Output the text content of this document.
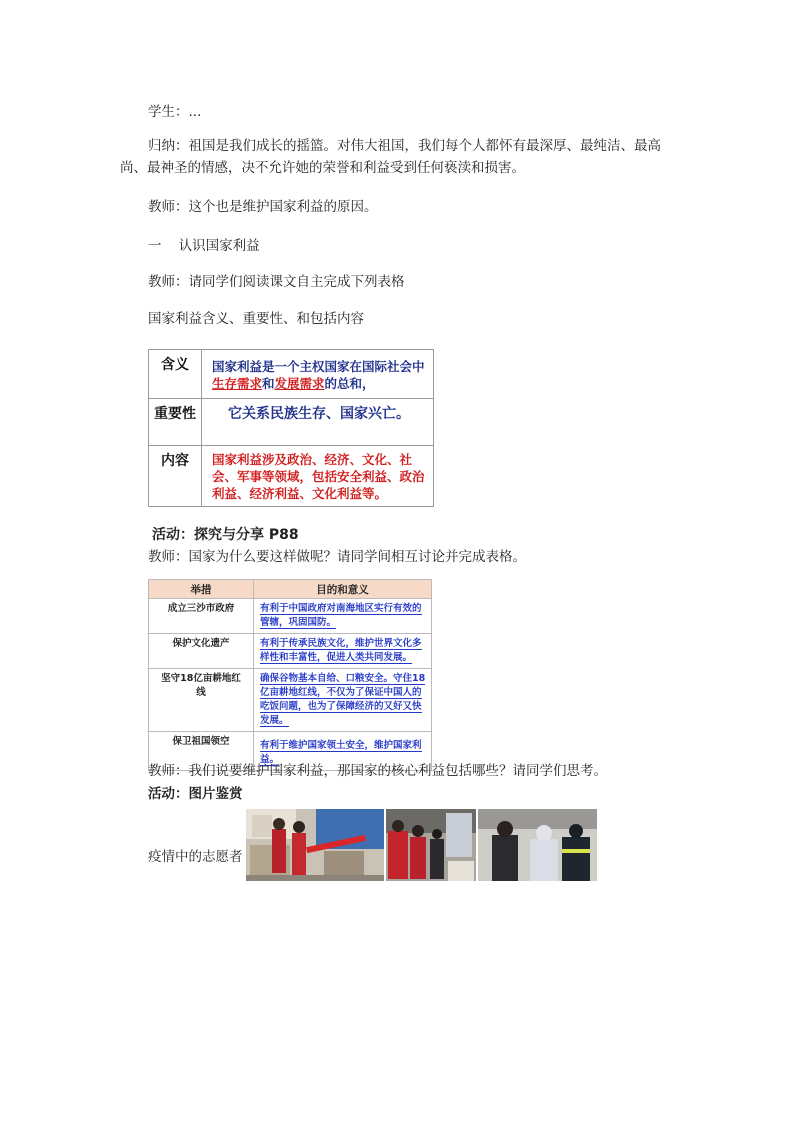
学生：...

归纳：祖国是我们成长的摇篮。对伟大祖国，我们每个人都怀有最深厚、最纯洁、最高尚、最神圣的情感，决不允许她的荣誉和利益受到任何亵渎和损害。

教师：这个也是维护国家利益的原因。

一    认识国家利益

教师：请同学们阅读课文自主完成下列表格

国家利益含义、重要性、和包括内容

含义	国家利益是一个主权国家在国际社会中生存需求和发展需求的总和，
重要性	它关系民族生存、国家兴亡。
内容	国家利益涉及政治、经济、文化、社会、军事等领域，包括安全利益、政治利益、经济利益、文化利益等。

活动：探究与分享 P88

教师：国家为什么要这样做呢？请同学间相互讨论并完成表格。

举措	目的和意义
成立三沙市政府	有利于中国政府对南海地区实行有效的管辖，巩固国防。
保护文化遗产	有利于传承民族文化，维护世界文化多样性和丰富性，促进人类共同发展。
坚守18亿亩耕地红线	确保谷物基本自给、口粮安全。守住18亿亩耕地红线，不仅为了保证中国人的吃饭问题，也为了保障经济的又好又快发展。
保卫祖国领空	有利于维护国家领土安全，维护国家利益。

教师：我们说要维护国家利益，那国家的核心利益包括哪些？请同学们思考。

活动：图片鉴赏

疫情中的志愿者
